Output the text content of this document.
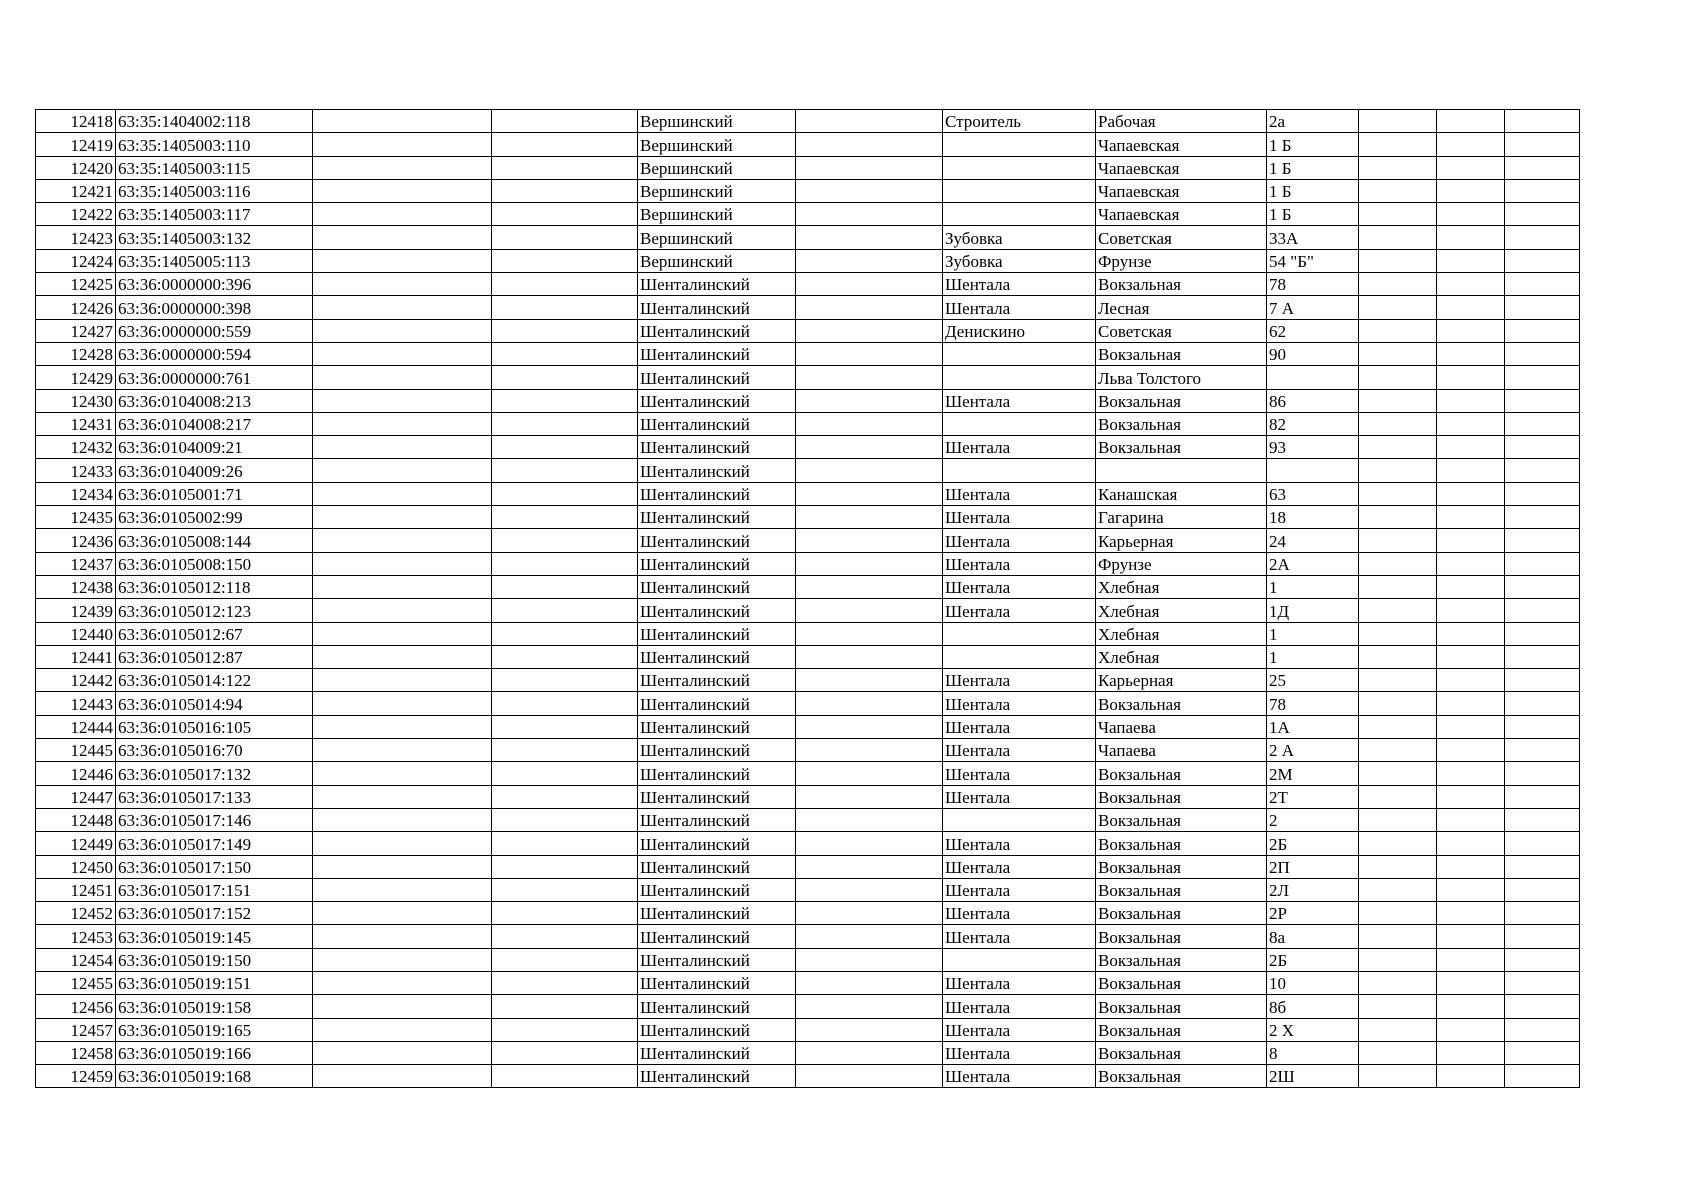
12418	63:35:1404002:118			Вершинский		Строитель	Рабочая	2а			
12419	63:35:1405003:110			Вершинский			Чапаевская	1 Б			
12420	63:35:1405003:115			Вершинский			Чапаевская	1 Б			
12421	63:35:1405003:116			Вершинский			Чапаевская	1 Б			
12422	63:35:1405003:117			Вершинский			Чапаевская	1 Б			
12423	63:35:1405003:132			Вершинский		Зубовка	Советская	33А			
12424	63:35:1405005:113			Вершинский		Зубовка	Фрунзе	54 "Б"			
12425	63:36:0000000:396			Шенталинский		Шентала	Вокзальная	78			
12426	63:36:0000000:398			Шенталинский		Шентала	Лесная	7 А			
12427	63:36:0000000:559			Шенталинский		Денискино	Советская	62			
12428	63:36:0000000:594			Шенталинский			Вокзальная	90			
12429	63:36:0000000:761			Шенталинский			Льва Толстого				
12430	63:36:0104008:213			Шенталинский		Шентала	Вокзальная	86			
12431	63:36:0104008:217			Шенталинский			Вокзальная	82			
12432	63:36:0104009:21			Шенталинский		Шентала	Вокзальная	93			
12433	63:36:0104009:26			Шенталинский							
12434	63:36:0105001:71			Шенталинский		Шентала	Канашская	63			
12435	63:36:0105002:99			Шенталинский		Шентала	Гагарина	18			
12436	63:36:0105008:144			Шенталинский		Шентала	Карьерная	24			
12437	63:36:0105008:150			Шенталинский		Шентала	Фрунзе	2А			
12438	63:36:0105012:118			Шенталинский		Шентала	Хлебная	1			
12439	63:36:0105012:123			Шенталинский		Шентала	Хлебная	1Д			
12440	63:36:0105012:67			Шенталинский			Хлебная	1			
12441	63:36:0105012:87			Шенталинский			Хлебная	1			
12442	63:36:0105014:122			Шенталинский		Шентала	Карьерная	25			
12443	63:36:0105014:94			Шенталинский		Шентала	Вокзальная	78			
12444	63:36:0105016:105			Шенталинский		Шентала	Чапаева	1А			
12445	63:36:0105016:70			Шенталинский		Шентала	Чапаева	2 А			
12446	63:36:0105017:132			Шенталинский		Шентала	Вокзальная	2М			
12447	63:36:0105017:133			Шенталинский		Шентала	Вокзальная	2Т			
12448	63:36:0105017:146			Шенталинский			Вокзальная	2			
12449	63:36:0105017:149			Шенталинский		Шентала	Вокзальная	2Б			
12450	63:36:0105017:150			Шенталинский		Шентала	Вокзальная	2П			
12451	63:36:0105017:151			Шенталинский		Шентала	Вокзальная	2Л			
12452	63:36:0105017:152			Шенталинский		Шентала	Вокзальная	2Р			
12453	63:36:0105019:145			Шенталинский		Шентала	Вокзальная	8а			
12454	63:36:0105019:150			Шенталинский			Вокзальная	2Б			
12455	63:36:0105019:151			Шенталинский		Шентала	Вокзальная	10			
12456	63:36:0105019:158			Шенталинский		Шентала	Вокзальная	8б			
12457	63:36:0105019:165			Шенталинский		Шентала	Вокзальная	2 Х			
12458	63:36:0105019:166			Шенталинский		Шентала	Вокзальная	8			
12459	63:36:0105019:168			Шенталинский		Шентала	Вокзальная	2Ш			
